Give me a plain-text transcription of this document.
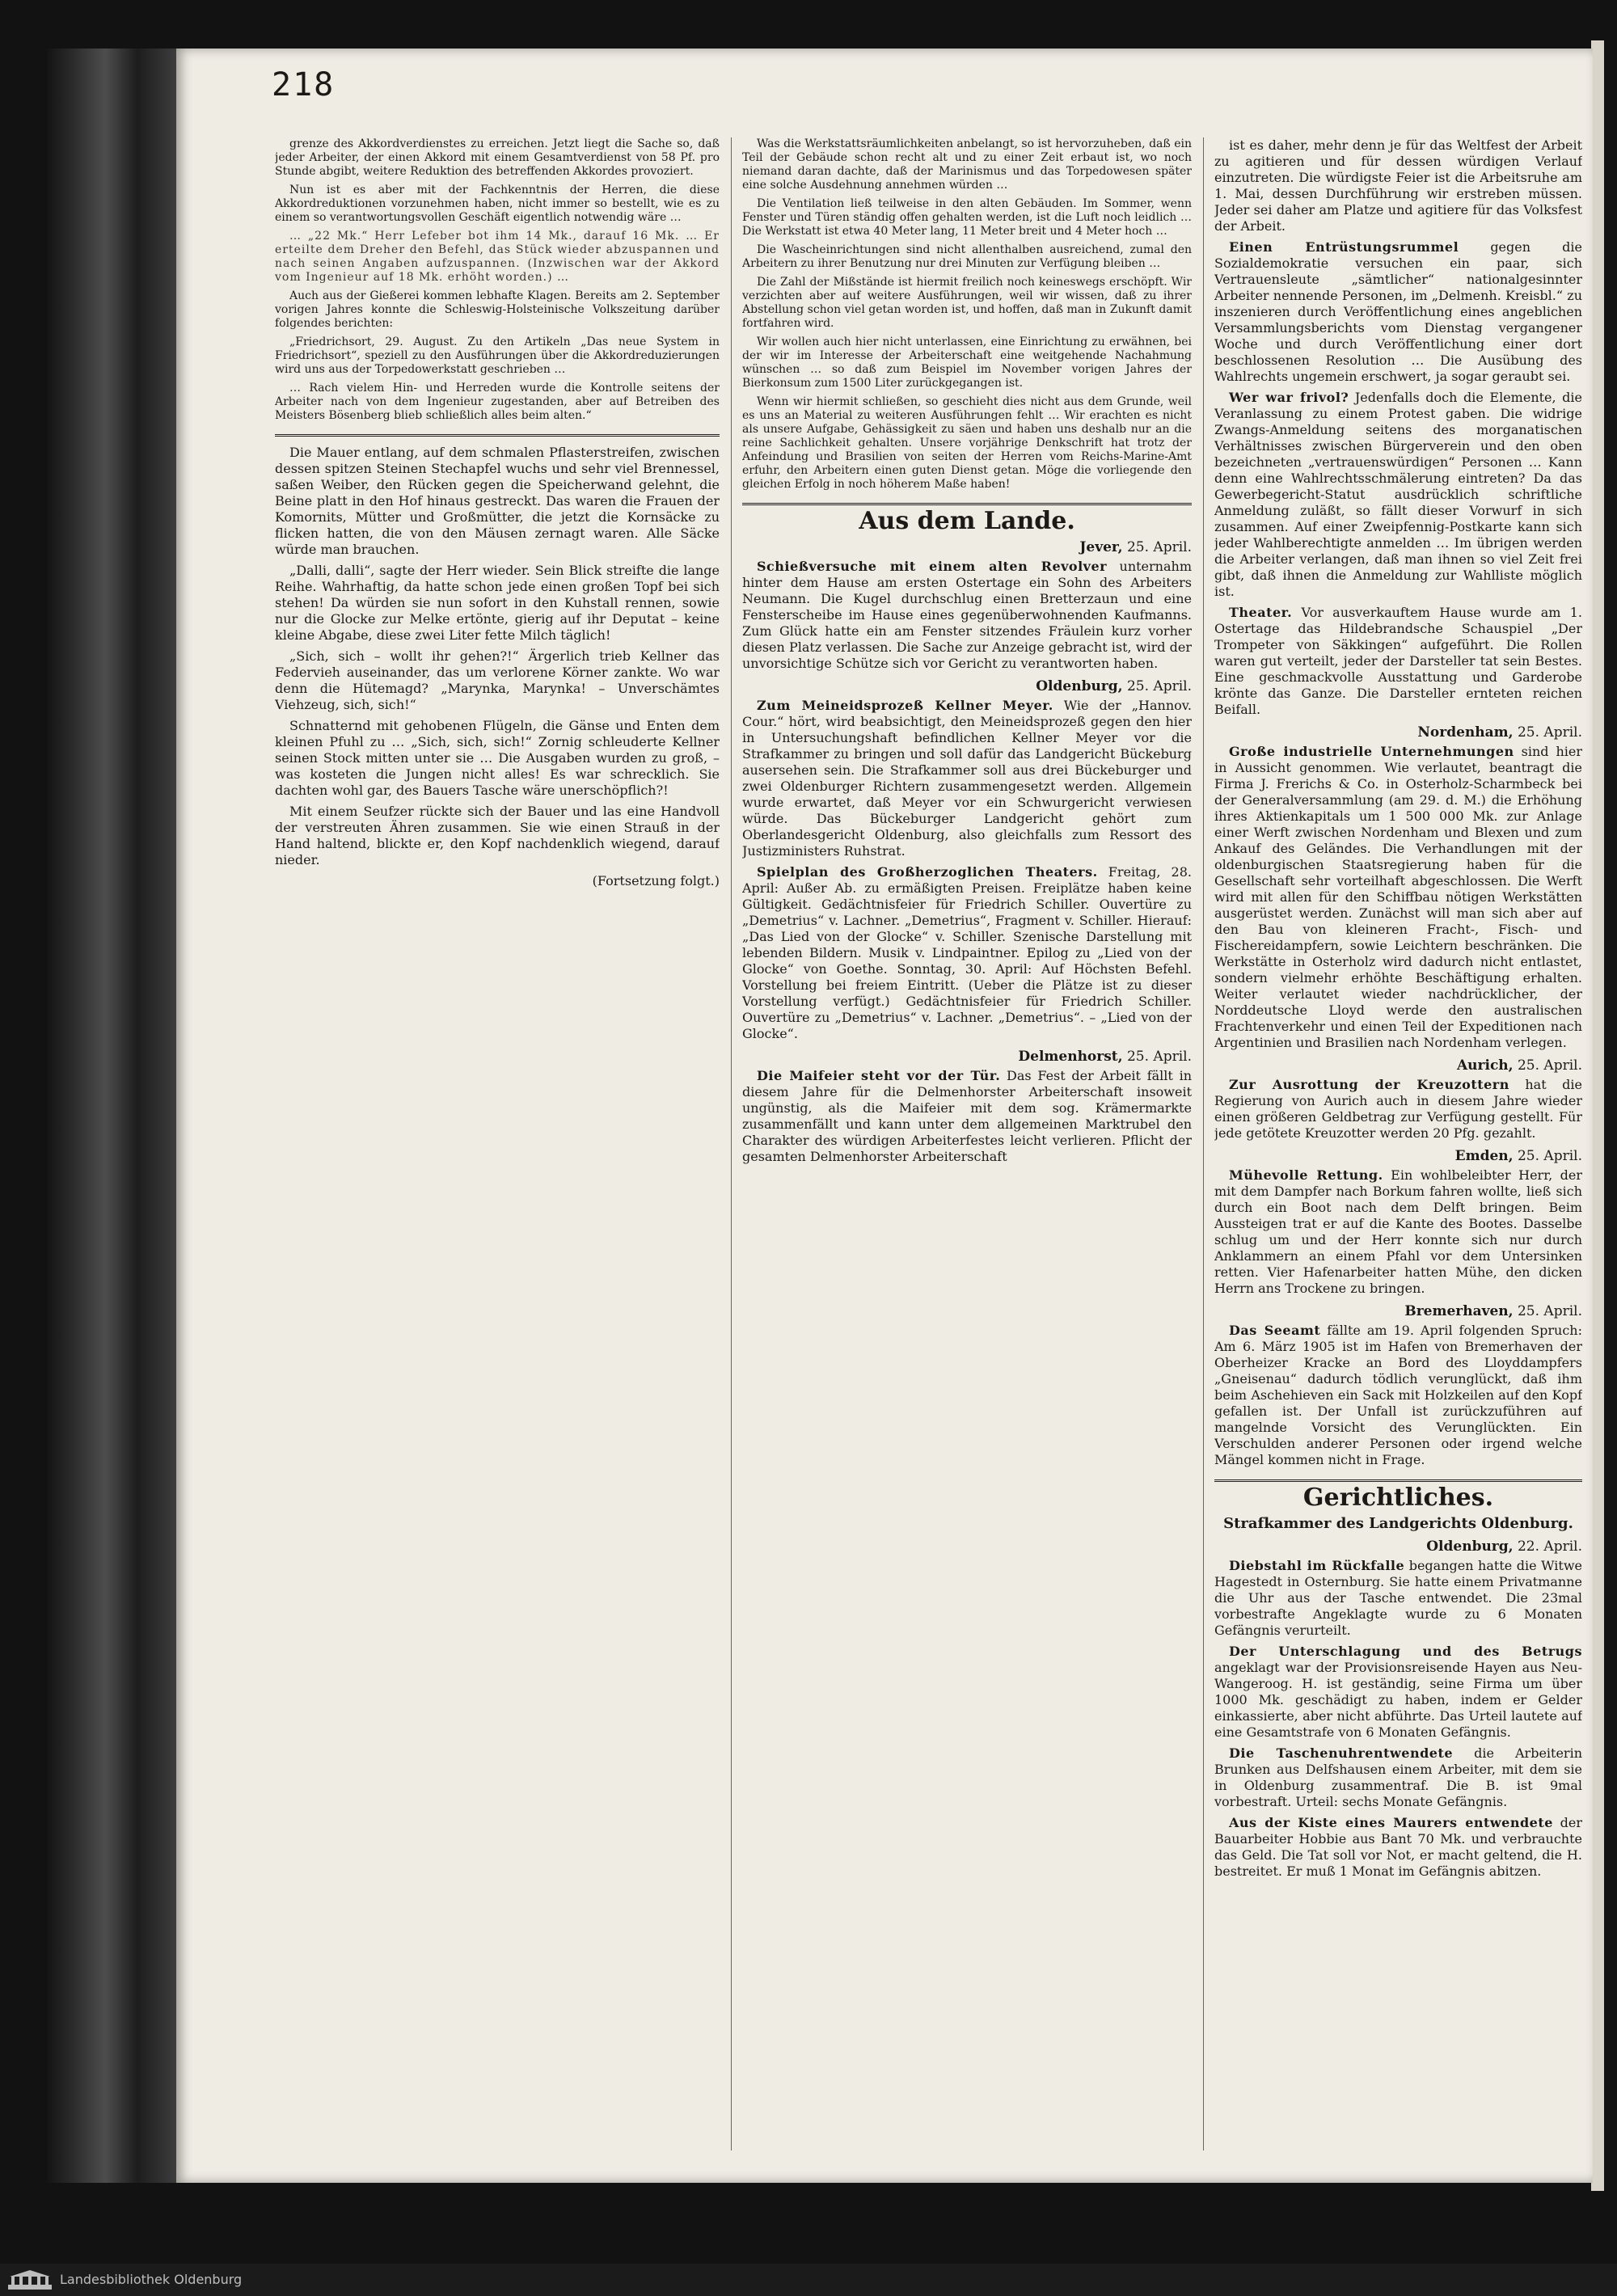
218

grenze des Akkordverdienstes zu erreichen. Jetzt liegt die Sache so, daß jeder Arbeiter, der einen Akkord mit einem Gesamtverdienst von 58 Pf. pro Stunde abgibt, weitere Reduktion des betreffenden Akkordes provoziert.

Nun ist es aber mit der Fachkenntnis der Herren, die diese Akkordreduktionen vorzunehmen haben, nicht immer so bestellt, wie es zu einem so verantwortungsvollen Geschäft eigentlich notwendig wäre …

… „22 Mk.“ Herr Lefeber bot ihm 14 Mk., darauf 16 Mk. … Er erteilte dem Dreher den Befehl, das Stück wieder abzuspannen und nach seinen Angaben aufzuspannen. (Inzwischen war der Akkord vom Ingenieur auf 18 Mk. erhöht worden.) …

Auch aus der Gießerei kommen lebhafte Klagen. Bereits am 2. September vorigen Jahres konnte die Schleswig-Holsteinische Volkszeitung darüber folgendes berichten:

„Friedrichsort, 29. August. Zu den Artikeln „Das neue System in Friedrichsort“, speziell zu den Ausführungen über die Akkordreduzierungen wird uns aus der Torpedowerkstatt geschrieben …

… Rach vielem Hin- und Herreden wurde die Kontrolle seitens der Arbeiter nach von dem Ingenieur zugestanden, aber auf Betreiben des Meisters Bösenberg blieb schließlich alles beim alten.“

Die Mauer entlang, auf dem schmalen Pflasterstreifen, zwischen dessen spitzen Steinen Stechapfel wuchs und sehr viel Brennessel, saßen Weiber, den Rücken gegen die Speicherwand gelehnt, die Beine platt in den Hof hinaus gestreckt. Das waren die Frauen der Komornits, Mütter und Großmütter, die jetzt die Kornsäcke zu flicken hatten, die von den Mäusen zernagt waren. Alle Säcke würde man brauchen.

„Dalli, dalli“, sagte der Herr wieder. Sein Blick streifte die lange Reihe. Wahrhaftig, da hatte schon jede einen großen Topf bei sich stehen! Da würden sie nun sofort in den Kuhstall rennen, sowie nur die Glocke zur Melke ertönte, gierig auf ihr Deputat – keine kleine Abgabe, diese zwei Liter fette Milch täglich!

„Sich, sich – wollt ihr gehen?!“ Ärgerlich trieb Kellner das Federvieh auseinander, das um verlorene Körner zankte. Wo war denn die Hütemagd? „Marynka, Marynka! – Unverschämtes Viehzeug, sich, sich!“

Schnatternd mit gehobenen Flügeln, die Gänse und Enten dem kleinen Pfuhl zu … „Sich, sich, sich!“ Zornig schleuderte Kellner seinen Stock mitten unter sie … Die Ausgaben wurden zu groß, – was kosteten die Jungen nicht alles! Es war schrecklich. Sie dachten wohl gar, des Bauers Tasche wäre unerschöpflich?!

Mit einem Seufzer rückte sich der Bauer und las eine Handvoll der verstreuten Ähren zusammen. Sie wie einen Strauß in der Hand haltend, blickte er, den Kopf nachdenklich wiegend, darauf nieder.

(Fortsetzung folgt.)

Was die Werkstattsräumlichkeiten anbelangt, so ist hervorzuheben, daß ein Teil der Gebäude schon recht alt und zu einer Zeit erbaut ist, wo noch niemand daran dachte, daß der Marinismus und das Torpedowesen später eine solche Ausdehnung annehmen würden …

Die Ventilation ließ teilweise in den alten Gebäuden. Im Sommer, wenn Fenster und Türen ständig offen gehalten werden, ist die Luft noch leidlich … Die Werkstatt ist etwa 40 Meter lang, 11 Meter breit und 4 Meter hoch …

Die Wascheinrichtungen sind nicht allenthalben ausreichend, zumal den Arbeitern zu ihrer Benutzung nur drei Minuten zur Verfügung bleiben …

Die Zahl der Mißstände ist hiermit freilich noch keineswegs erschöpft. Wir verzichten aber auf weitere Ausführungen, weil wir wissen, daß zu ihrer Abstellung schon viel getan worden ist, und hoffen, daß man in Zukunft damit fortfahren wird.

Wir wollen auch hier nicht unterlassen, eine Einrichtung zu erwähnen, bei der wir im Interesse der Arbeiterschaft eine weitgehende Nachahmung wünschen … so daß zum Beispiel im November vorigen Jahres der Bierkonsum zum 1500 Liter zurückgegangen ist.

Wenn wir hiermit schließen, so geschieht dies nicht aus dem Grunde, weil es uns an Material zu weiteren Ausführungen fehlt … Wir erachten es nicht als unsere Aufgabe, Gehässigkeit zu säen und haben uns deshalb nur an die reine Sachlichkeit gehalten. Unsere vorjährige Denkschrift hat trotz der Anfeindung und Brasilien von seiten der Herren vom Reichs-Marine-Amt erfuhr, den Arbeitern einen guten Dienst getan. Möge die vorliegende den gleichen Erfolg in noch höherem Maße haben!

Aus dem Lande.
Jever, 25. April.

Schießversuche mit einem alten Revolver unternahm hinter dem Hause am ersten Ostertage ein Sohn des Arbeiters Neumann. Die Kugel durchschlug einen Bretterzaun und eine Fensterscheibe im Hause eines gegenüberwohnenden Kaufmanns. Zum Glück hatte ein am Fenster sitzendes Fräulein kurz vorher diesen Platz verlassen. Die Sache zur Anzeige gebracht ist, wird der unvorsichtige Schütze sich vor Gericht zu verantworten haben.

Oldenburg, 25. April.

Zum Meineidsprozeß Kellner Meyer. Wie der „Hannov. Cour.“ hört, wird beabsichtigt, den Meineidsprozeß gegen den hier in Untersuchungshaft befindlichen Kellner Meyer vor die Strafkammer zu bringen und soll dafür das Landgericht Bückeburg ausersehen sein. Die Strafkammer soll aus drei Bückeburger und zwei Oldenburger Richtern zusammengesetzt werden. Allgemein wurde erwartet, daß Meyer vor ein Schwurgericht verwiesen würde. Das Bückeburger Landgericht gehört zum Oberlandesgericht Oldenburg, also gleichfalls zum Ressort des Justizministers Ruhstrat.

Spielplan des Großherzoglichen Theaters. Freitag, 28. April: Außer Ab. zu ermäßigten Preisen. Freiplätze haben keine Gültigkeit. Gedächtnisfeier für Friedrich Schiller. Ouvertüre zu „Demetrius“ v. Lachner. „Demetrius“, Fragment v. Schiller. Hierauf: „Das Lied von der Glocke“ v. Schiller. Szenische Darstellung mit lebenden Bildern. Musik v. Lindpaintner. Epilog zu „Lied von der Glocke“ von Goethe. Sonntag, 30. April: Auf Höchsten Befehl. Vorstellung bei freiem Eintritt. (Ueber die Plätze ist zu dieser Vorstellung verfügt.) Gedächtnisfeier für Friedrich Schiller. Ouvertüre zu „Demetrius“ v. Lachner. „Demetrius“. – „Lied von der Glocke“.

Delmenhorst, 25. April.

Die Maifeier steht vor der Tür. Das Fest der Arbeit fällt in diesem Jahre für die Delmenhorster Arbeiterschaft insoweit ungünstig, als die Maifeier mit dem sog. Krämermarkte zusammenfällt und kann unter dem allgemeinen Marktrubel den Charakter des würdigen Arbeiterfestes leicht verlieren. Pflicht der gesamten Delmenhorster Arbeiterschaft

ist es daher, mehr denn je für das Weltfest der Arbeit zu agitieren und für dessen würdigen Verlauf einzutreten. Die würdigste Feier ist die Arbeitsruhe am 1. Mai, dessen Durchführung wir erstreben müssen. Jeder sei daher am Platze und agitiere für das Volksfest der Arbeit.

Einen Entrüstungsrummel gegen die Sozialdemokratie versuchen ein paar, sich Vertrauensleute „sämtlicher“ nationalgesinnter Arbeiter nennende Personen, im „Delmenh. Kreisbl.“ zu inszenieren durch Veröffentlichung eines angeblichen Versammlungsberichts vom Dienstag vergangener Woche und durch Veröffentlichung einer dort beschlossenen Resolution … Die Ausübung des Wahlrechts ungemein erschwert, ja sogar geraubt sei.

Wer war frivol? Jedenfalls doch die Elemente, die Veranlassung zu einem Protest gaben. Die widrige Zwangs-Anmeldung seitens des morganatischen Verhältnisses zwischen Bürgerverein und den oben bezeichneten „vertrauenswürdigen“ Personen … Kann denn eine Wahlrechtsschmälerung eintreten? Da das Gewerbegericht-Statut ausdrücklich schriftliche Anmeldung zuläßt, so fällt dieser Vorwurf in sich zusammen. Auf einer Zweipfennig-Postkarte kann sich jeder Wahlberechtigte anmelden … Im übrigen werden die Arbeiter verlangen, daß man ihnen so viel Zeit frei gibt, daß ihnen die Anmeldung zur Wahlliste möglich ist.

Theater. Vor ausverkauftem Hause wurde am 1. Ostertage das Hildebrandsche Schauspiel „Der Trompeter von Säkkingen“ aufgeführt. Die Rollen waren gut verteilt, jeder der Darsteller tat sein Bestes. Eine geschmackvolle Ausstattung und Garderobe krönte das Ganze. Die Darsteller ernteten reichen Beifall.

Nordenham, 25. April.

Große industrielle Unternehmungen sind hier in Aussicht genommen. Wie verlautet, beantragt die Firma J. Frerichs & Co. in Osterholz-Scharmbeck bei der Generalversammlung (am 29. d. M.) die Erhöhung ihres Aktienkapitals um 1 500 000 Mk. zur Anlage einer Werft zwischen Nordenham und Blexen und zum Ankauf des Geländes. Die Verhandlungen mit der oldenburgischen Staatsregierung haben für die Gesellschaft sehr vorteilhaft abgeschlossen. Die Werft wird mit allen für den Schiffbau nötigen Werkstätten ausgerüstet werden. Zunächst will man sich aber auf den Bau von kleineren Fracht-, Fisch- und Fischereidampfern, sowie Leichtern beschränken. Die Werkstätte in Osterholz wird dadurch nicht entlastet, sondern vielmehr erhöhte Beschäftigung erhalten. Weiter verlautet wieder nachdrücklicher, der Norddeutsche Lloyd werde den australischen Frachtenverkehr und einen Teil der Expeditionen nach Argentinien und Brasilien nach Nordenham verlegen.

Aurich, 25. April.

Zur Ausrottung der Kreuzottern hat die Regierung von Aurich auch in diesem Jahre wieder einen größeren Geldbetrag zur Verfügung gestellt. Für jede getötete Kreuzotter werden 20 Pfg. gezahlt.

Emden, 25. April.

Mühevolle Rettung. Ein wohlbeleibter Herr, der mit dem Dampfer nach Borkum fahren wollte, ließ sich durch ein Boot nach dem Delft bringen. Beim Aussteigen trat er auf die Kante des Bootes. Dasselbe schlug um und der Herr konnte sich nur durch Anklammern an einem Pfahl vor dem Untersinken retten. Vier Hafenarbeiter hatten Mühe, den dicken Herrn ans Trockene zu bringen.

Bremerhaven, 25. April.

Das Seeamt fällte am 19. April folgenden Spruch: Am 6. März 1905 ist im Hafen von Bremerhaven der Oberheizer Kracke an Bord des Lloyddampfers „Gneisenau“ dadurch tödlich verunglückt, daß ihm beim Aschehieven ein Sack mit Holzkeilen auf den Kopf gefallen ist. Der Unfall ist zurückzuführen auf mangelnde Vorsicht des Verunglückten. Ein Verschulden anderer Personen oder irgend welche Mängel kommen nicht in Frage.

Gerichtliches.
Strafkammer des Landgerichts Oldenburg.
Oldenburg, 22. April.

Diebstahl im Rückfalle begangen hatte die Witwe Hagestedt in Osternburg. Sie hatte einem Privatmanne die Uhr aus der Tasche entwendet. Die 23mal vorbestrafte Angeklagte wurde zu 6 Monaten Gefängnis verurteilt.

Der Unterschlagung und des Betrugs angeklagt war der Provisionsreisende Hayen aus Neu-Wangeroog. H. ist geständig, seine Firma um über 1000 Mk. geschädigt zu haben, indem er Gelder einkassierte, aber nicht abführte. Das Urteil lautete auf eine Gesamtstrafe von 6 Monaten Gefängnis.

Die Taschenuhrentwendete die Arbeiterin Brunken aus Delfshausen einem Arbeiter, mit dem sie in Oldenburg zusammentraf. Die B. ist 9mal vorbestraft. Urteil: sechs Monate Gefängnis.

Aus der Kiste eines Maurers entwendete der Bauarbeiter Hobbie aus Bant 70 Mk. und verbrauchte das Geld. Die Tat soll vor Not, er macht geltend, die H. bestreitet. Er muß 1 Monat im Gefängnis abitzen.

Landesbibliothek Oldenburg
